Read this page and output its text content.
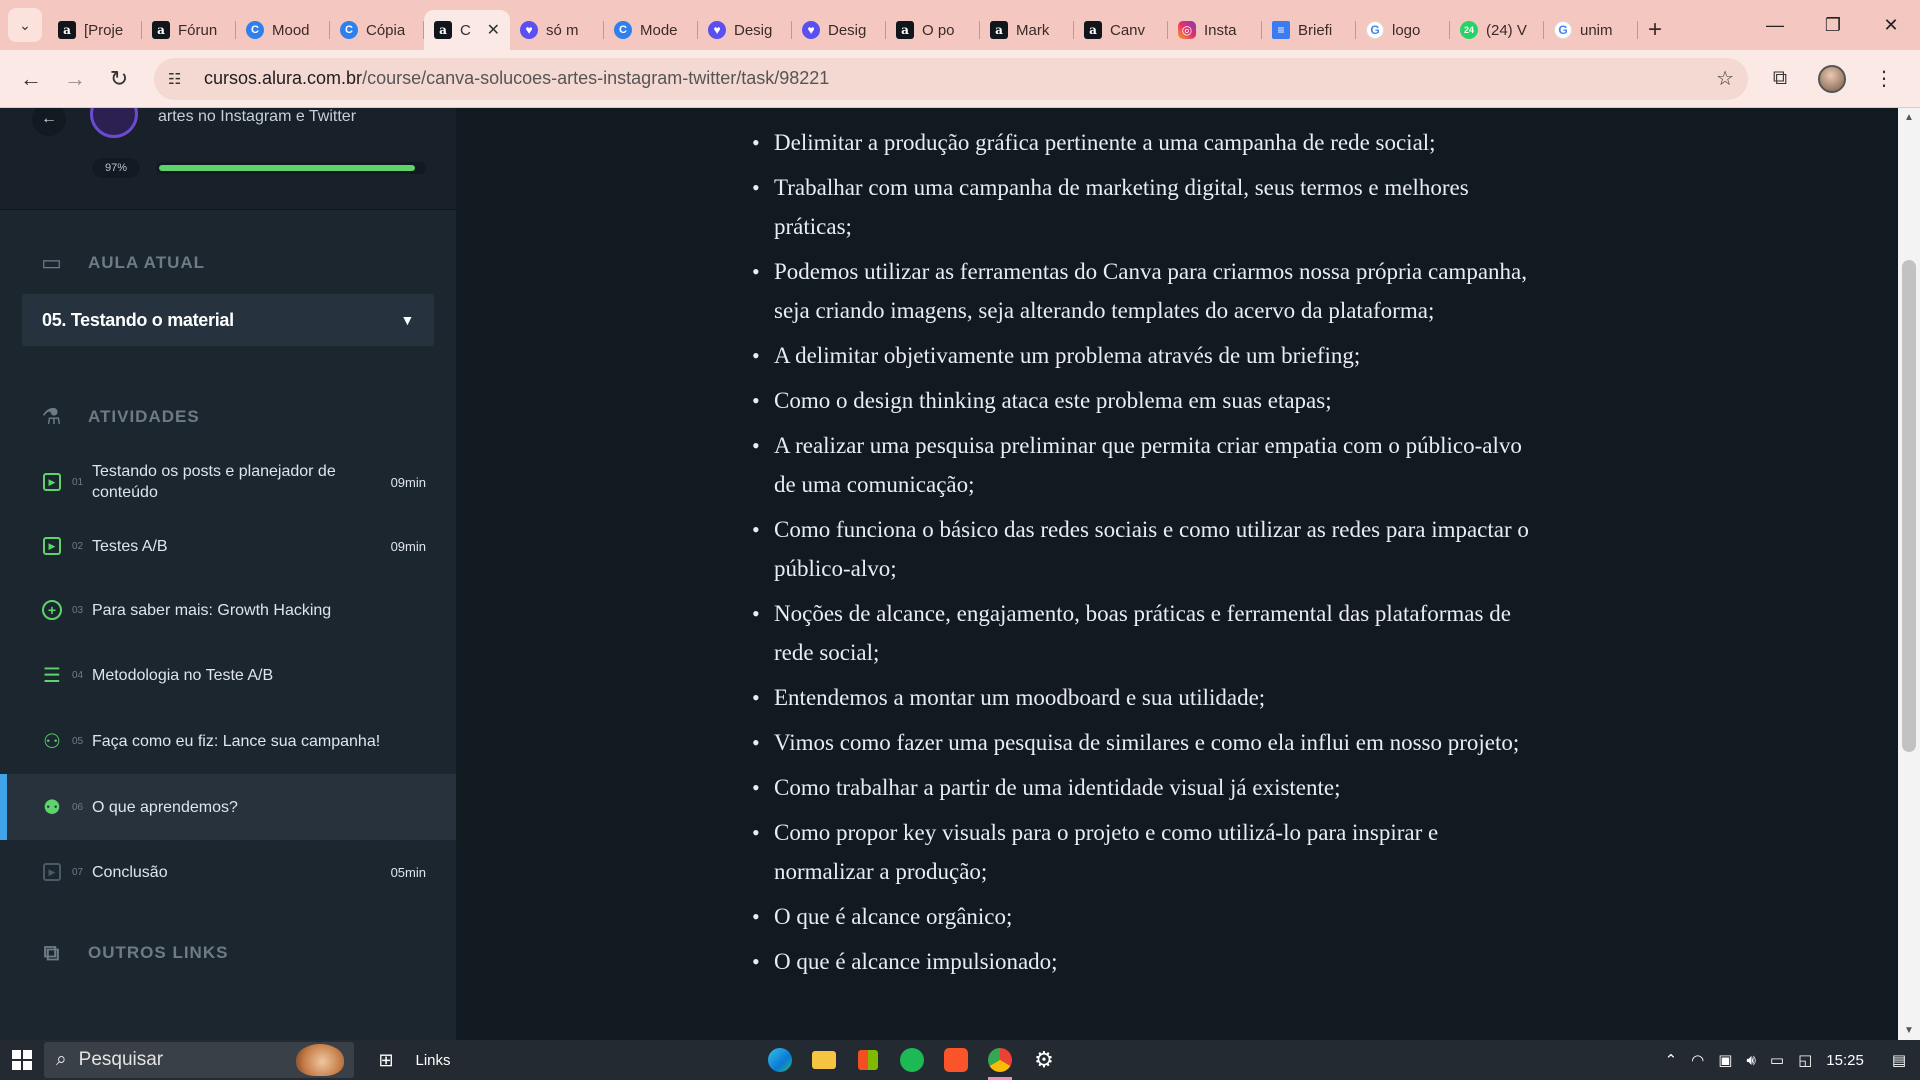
⌄	a [Proje	a Fórun	C Mood	C Cópia	a C ✕	♥ só m	C Mode	♥ Desig	♥ Desig	a O po	a Mark	a Canv	◎ Insta	≡ Briefi	G logo	24 (24) V	G unim +	—	❐	✕
← → ↻	☷	cursos.alura.com.br /course/canva-solucoes-artes-instagram-twitter/task/98221	☆	⧉	⋮
←	artes no Instagram e Twitter
97%
▭ AULA ATUAL
05. Testando o material	▼
⚗ ATIVIDADES
▶	01
Testando os posts e planejador de conteúdo
09min
▶	02 Testes A/B	09min
+	03 Para saber mais: Growth Hacking
☰	04 Metodologia no Teste A/B
⚇	05 Faça como eu fiz: Lance sua campanha!
⚉	06 O que aprendemos?
▶	07 Conclusão	05min
⧉	OUTROS LINKS
• Delimitar a produção gráfica pertinente a uma campanha de rede social;
• Trabalhar com uma campanha de marketing digital, seus termos e melhores práticas;
• Podemos utilizar as ferramentas do Canva para criarmos nossa própria campanha, seja criando imagens, seja alterando templates do acervo da plataforma;
• A delimitar objetivamente um problema através de um briefing;
• Como o design thinking ataca este problema em suas etapas;
• A realizar uma pesquisa preliminar que permita criar empatia com o público-alvo de uma comunicação;
• Como funciona o básico das redes sociais e como utilizar as redes para impactar o público-alvo;
• Noções de alcance, engajamento, boas práticas e ferramental das plataformas de rede social;
• Entendemos a montar um moodboard e sua utilidade;
• Vimos como fazer uma pesquisa de similares e como ela influi em nosso projeto;
• Como trabalhar a partir de uma identidade visual já existente;
• Como propor key visuals para o projeto e como utilizá-lo para inspirar e normalizar a produção;
• O que é alcance orgânico;
• O que é alcance impulsionado;
▲
▼
⌕ Pesquisar	⊞	Links	⚙	⌃ ◠ ▣ 🔊︎ ▭ ◱ 15:25 ▤
